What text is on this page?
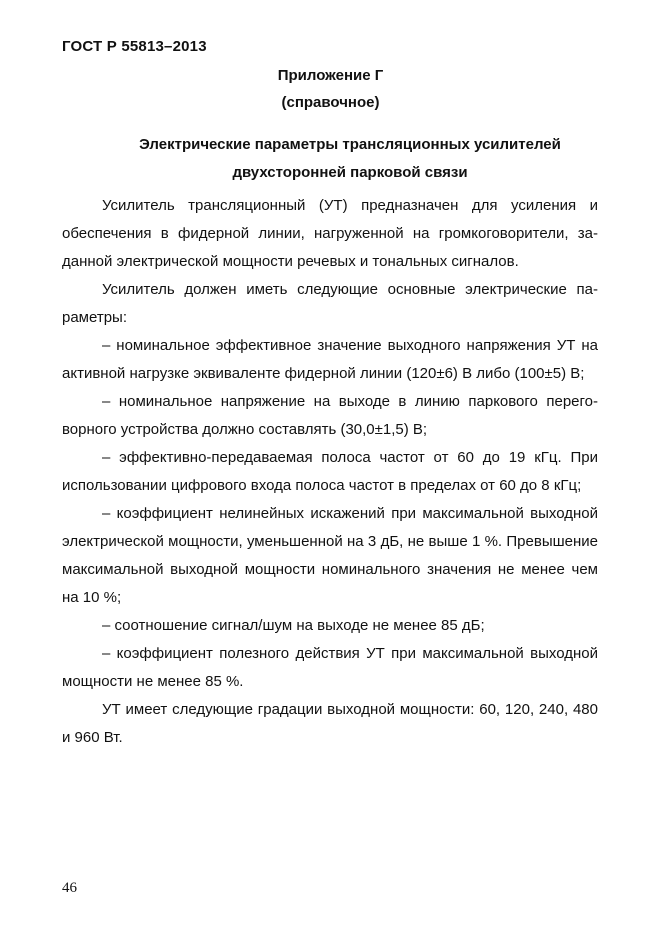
ГОСТ Р 55813–2013
Приложение Г
(справочное)
Электрические параметры трансляционных усилителей
двухсторонней парковой связи

Усилитель трансляционный (УТ) предназначен для усиления и обеспечения в фидерной линии, нагруженной на громкоговорители, заданной электрической мощности речевых и тональных сигналов.

Усилитель должен иметь следующие основные электрические параметры:

– номинальное эффективное значение выходного напряжения УТ на активной нагрузке эквиваленте фидерной линии (120±6) В либо (100±5) В;

– номинальное напряжение на выходе в линию паркового переговорного устройства должно составлять (30,0±1,5) В;

– эффективно-передаваемая полоса частот от 60 до 19 кГц. При использовании цифрового входа полоса частот в пределах от 60 до 8 кГц;

– коэффициент нелинейных искажений при максимальной выходной электрической мощности, уменьшенной на 3 дБ, не выше 1 %. Превышение максимальной выходной мощности номинального значения не менее чем на 10 %;

– соотношение сигнал/шум на выходе не менее 85 дБ;

– коэффициент полезного действия УТ при максимальной выходной мощности не менее 85 %.

УТ имеет следующие градации выходной мощности: 60, 120, 240, 480 и 960 Вт.

46
